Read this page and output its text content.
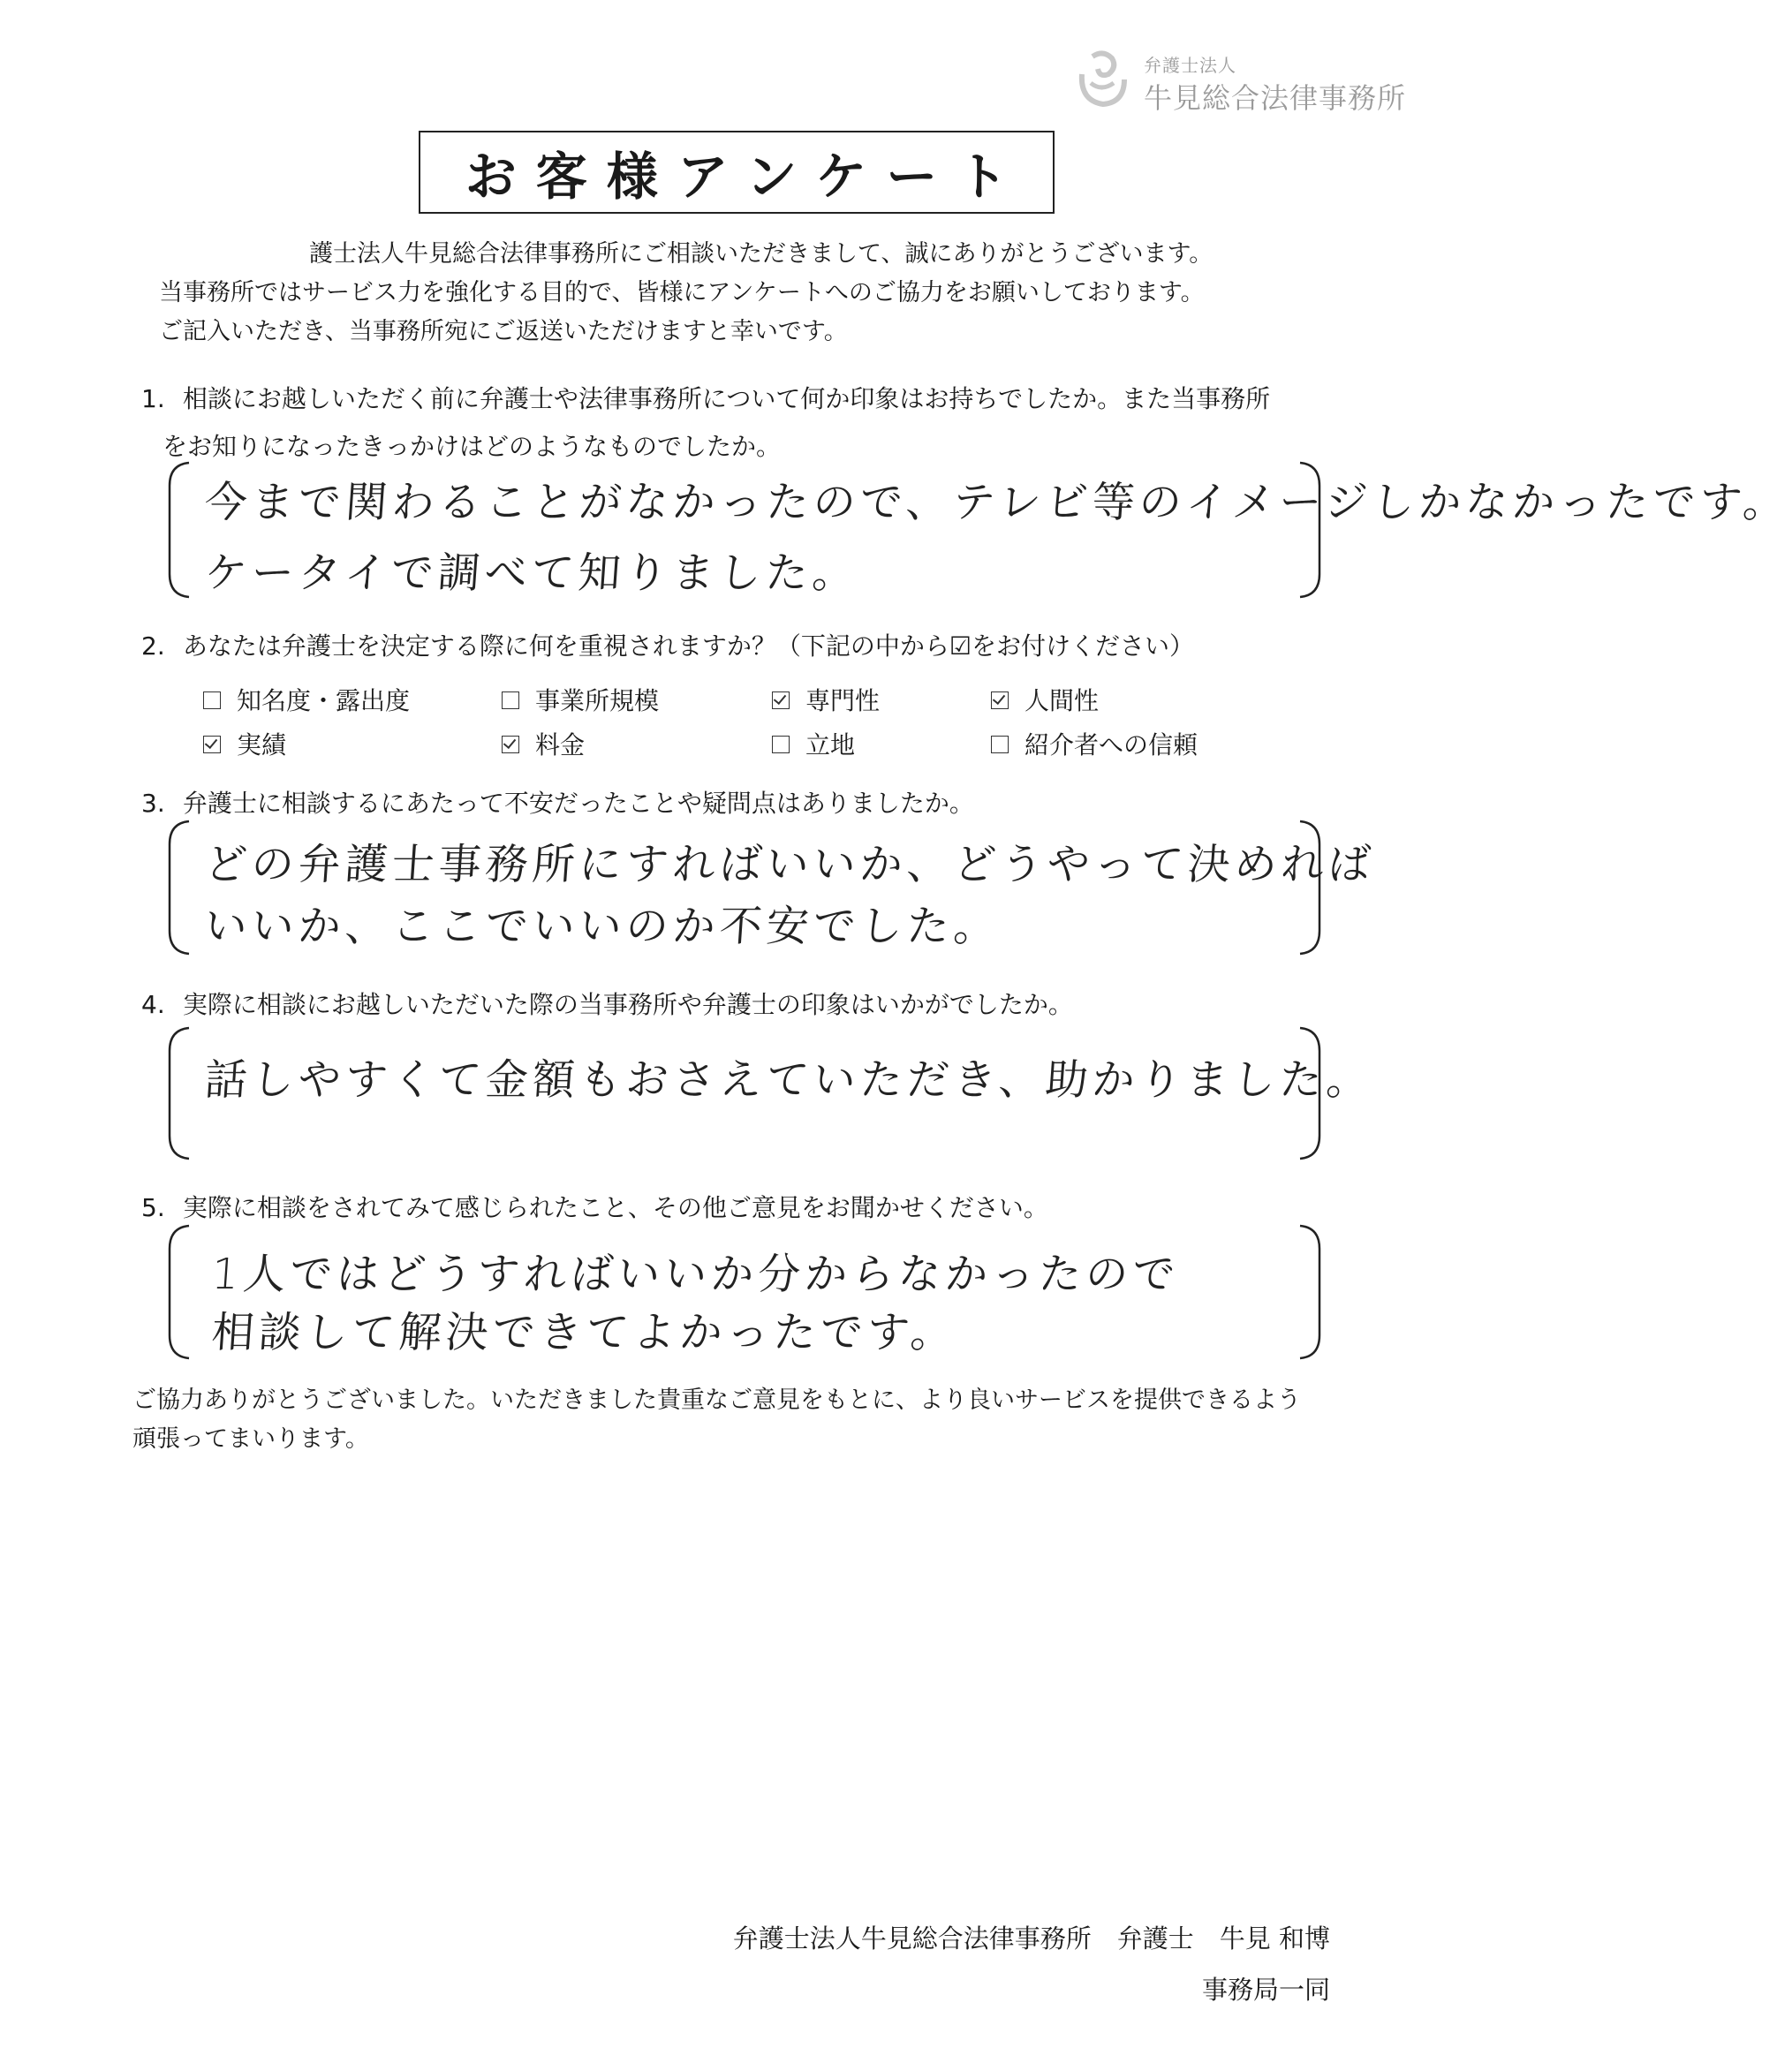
弁護士法人
牛見総合法律事務所
お客様アンケート
護士法人牛見総合法律事務所にご相談いただきまして、誠にありがとうございます。
当事務所ではサービス力を強化する目的で、皆様にアンケートへのご協力をお願いしております。
ご記入いただき、当事務所宛にご返送いただけますと幸いです。
1. 相談にお越しいただく前に弁護士や法律事務所について何か印象はお持ちでしたか。また当事務所
をお知りになったきっかけはどのようなものでしたか。
今まで関わることがなかったので、テレビ等のイメージしかなかったです。
ケータイで調べて知りました。
2. あなたは弁護士を決定する際に何を重視されますか？（下記の中から☑をお付けください）
知名度・露出度	事業所規模	専門性	人間性
実績	料金	立地	紹介者への信頼
3. 弁護士に相談するにあたって不安だったことや疑問点はありましたか。
どの弁護士事務所にすればいいか、どうやって決めれば
いいか、ここでいいのか不安でした。
4. 実際に相談にお越しいただいた際の当事務所や弁護士の印象はいかがでしたか。
話しやすくて金額もおさえていただき、助かりました。
5. 実際に相談をされてみて感じられたこと、その他ご意見をお聞かせください。
1人ではどうすればいいか分からなかったので
相談して解決できてよかったです。
ご協力ありがとうございました。いただきました貴重なご意見をもとに、より良いサービスを提供できるよう
頑張ってまいります。
弁護士法人牛見総合法律事務所　弁護士　牛見 和博
事務局一同
